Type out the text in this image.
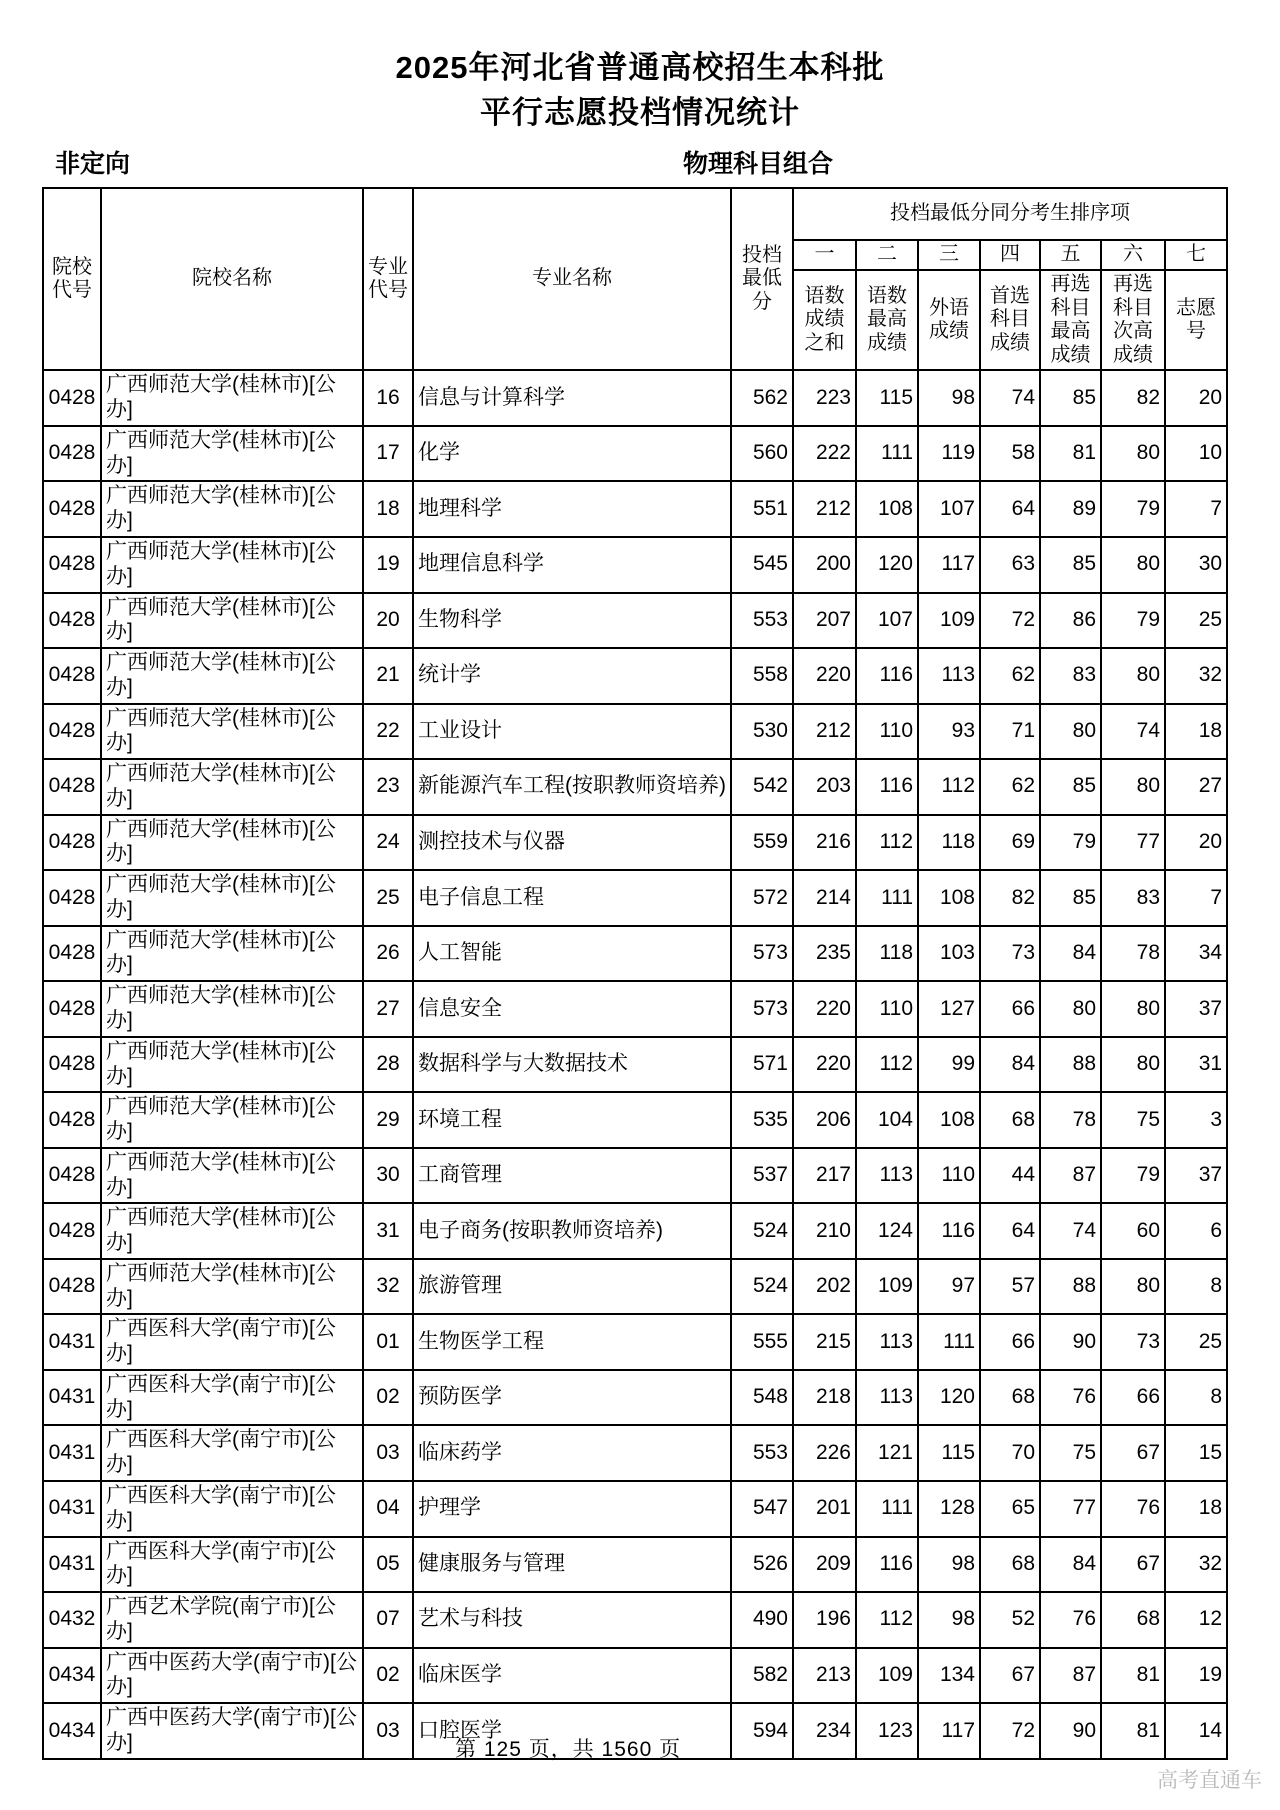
2025年河北省普通高校招生本科批
平行志愿投档情况统计
非定向	物理科目组合
院校代号	院校名称	专业代号	专业名称	投档最低分	投档最低分同分考生排序项						
					一	二	三	四	五	六	七
					语数成绩之和	语数最高成绩	外语成绩	首选科目成绩	再选科目最高成绩	再选科目次高成绩	志愿号
0428	广西师范大学(桂林市)[公办]	16	信息与计算科学	562	223	115	98	74	85	82	20
0428	广西师范大学(桂林市)[公办]	17	化学	560	222	111	119	58	81	80	10
0428	广西师范大学(桂林市)[公办]	18	地理科学	551	212	108	107	64	89	79	7
0428	广西师范大学(桂林市)[公办]	19	地理信息科学	545	200	120	117	63	85	80	30
0428	广西师范大学(桂林市)[公办]	20	生物科学	553	207	107	109	72	86	79	25
0428	广西师范大学(桂林市)[公办]	21	统计学	558	220	116	113	62	83	80	32
0428	广西师范大学(桂林市)[公办]	22	工业设计	530	212	110	93	71	80	74	18
0428	广西师范大学(桂林市)[公办]	23	新能源汽车工程(按职教师资培养)	542	203	116	112	62	85	80	27
0428	广西师范大学(桂林市)[公办]	24	测控技术与仪器	559	216	112	118	69	79	77	20
0428	广西师范大学(桂林市)[公办]	25	电子信息工程	572	214	111	108	82	85	83	7
0428	广西师范大学(桂林市)[公办]	26	人工智能	573	235	118	103	73	84	78	34
0428	广西师范大学(桂林市)[公办]	27	信息安全	573	220	110	127	66	80	80	37
0428	广西师范大学(桂林市)[公办]	28	数据科学与大数据技术	571	220	112	99	84	88	80	31
0428	广西师范大学(桂林市)[公办]	29	环境工程	535	206	104	108	68	78	75	3
0428	广西师范大学(桂林市)[公办]	30	工商管理	537	217	113	110	44	87	79	37
0428	广西师范大学(桂林市)[公办]	31	电子商务(按职教师资培养)	524	210	124	116	64	74	60	6
0428	广西师范大学(桂林市)[公办]	32	旅游管理	524	202	109	97	57	88	80	8
0431	广西医科大学(南宁市)[公办]	01	生物医学工程	555	215	113	111	66	90	73	25
0431	广西医科大学(南宁市)[公办]	02	预防医学	548	218	113	120	68	76	66	8
0431	广西医科大学(南宁市)[公办]	03	临床药学	553	226	121	115	70	75	67	15
0431	广西医科大学(南宁市)[公办]	04	护理学	547	201	111	128	65	77	76	18
0431	广西医科大学(南宁市)[公办]	05	健康服务与管理	526	209	116	98	68	84	67	32
0432	广西艺术学院(南宁市)[公办]	07	艺术与科技	490	196	112	98	52	76	68	12
0434	广西中医药大学(南宁市)[公办]	02	临床医学	582	213	109	134	67	87	81	19
0434	广西中医药大学(南宁市)[公办]	03	口腔医学	594	234	123	117	72	90	81	14
第 125 页，共 1560 页
高考直通车
